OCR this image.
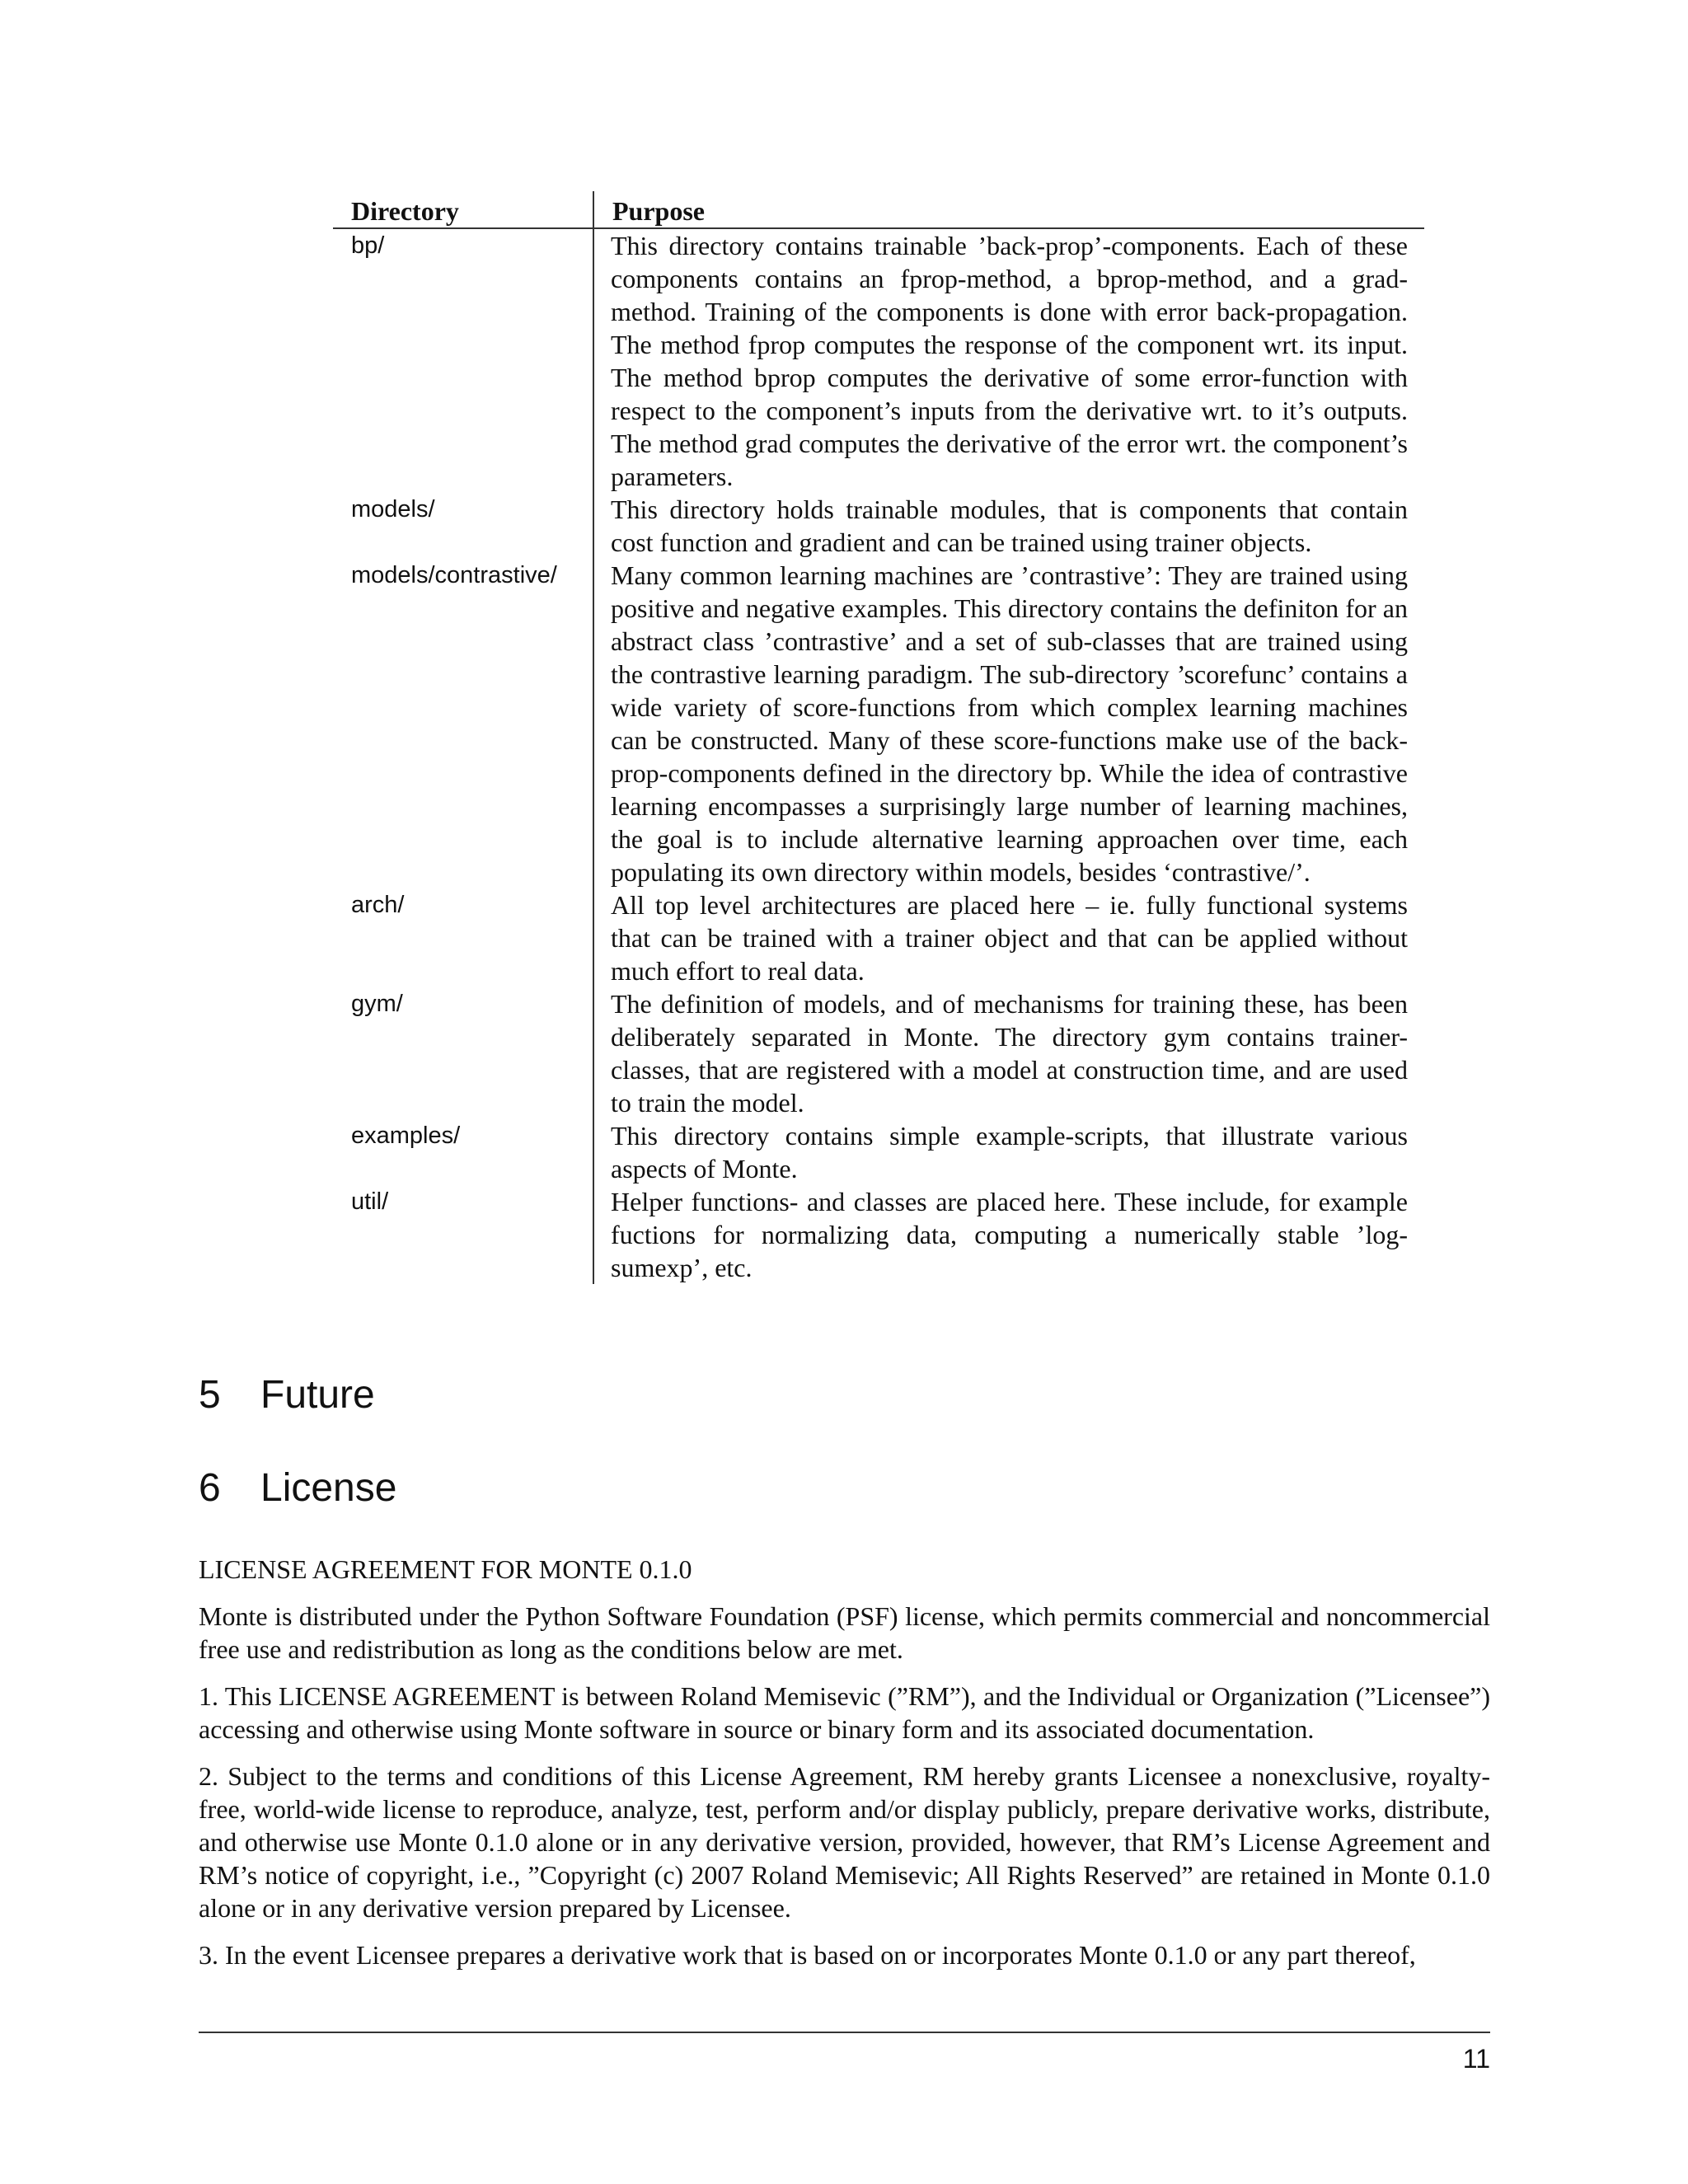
Directory	Purpose
bp/	This directory contains trainable ’back-prop’-components. Each of these components contains an fprop-method, a bprop-method, and a grad-method. Training of the components is done with error back-propagation. The method fprop computes the response of the component wrt. its input. The method bprop computes the derivative of some error-function with respect to the component’s inputs from the derivative wrt. to it’s outputs. The method grad computes the derivative of the error wrt. the component’s parameters.
models/	This directory holds trainable modules, that is components that contain cost function and gradient and can be trained using trainer objects.
models/contrastive/	Many common learning machines are ’contrastive’: They are trained using positive and negative examples. This directory contains the definiton for an abstract class ’contrastive’ and a set of sub-classes that are trained using the contrastive learning paradigm. The sub-directory ’scorefunc’ contains a wide variety of score-functions from which complex learning machines can be constructed. Many of these score-functions make use of the back-prop-components defined in the directory bp. While the idea of contrastive learning encompasses a surprisingly large number of learning machines, the goal is to include alternative learning approachen over time, each populating its own directory within models, besides ‘contrastive/’.
arch/	All top level architectures are placed here – ie. fully functional systems that can be trained with a trainer object and that can be applied without much effort to real data.
gym/	The definition of models, and of mechanisms for training these, has been deliberately separated in Monte. The directory gym contains trainer-classes, that are registered with a model at construction time, and are used to train the model.
examples/	This directory contains simple example-scripts, that illustrate various aspects of Monte.
util/	Helper functions- and classes are placed here. These include, for example fuctions for normalizing data, computing a numerically stable ’log-sumexp’, etc.
5 Future
6 License

LICENSE AGREEMENT FOR MONTE 0.1.0

Monte is distributed under the Python Software Foundation (PSF) license, which permits commercial and noncommercial free use and redistribution as long as the conditions below are met.

1. This LICENSE AGREEMENT is between Roland Memisevic (”RM”), and the Individual or Organization (”Licensee”) accessing and otherwise using Monte software in source or binary form and its associated documentation.

2. Subject to the terms and conditions of this License Agreement, RM hereby grants Licensee a nonexclusive, royalty-free, world-wide license to reproduce, analyze, test, perform and/or display publicly, prepare derivative works, distribute, and otherwise use Monte 0.1.0 alone or in any derivative version, provided, however, that RM’s License Agreement and RM’s notice of copyright, i.e., ”Copyright (c) 2007 Roland Memisevic; All Rights Reserved” are retained in Monte 0.1.0 alone or in any derivative version prepared by Licensee.

3. In the event Licensee prepares a derivative work that is based on or incorporates Monte 0.1.0 or any part thereof,

11
